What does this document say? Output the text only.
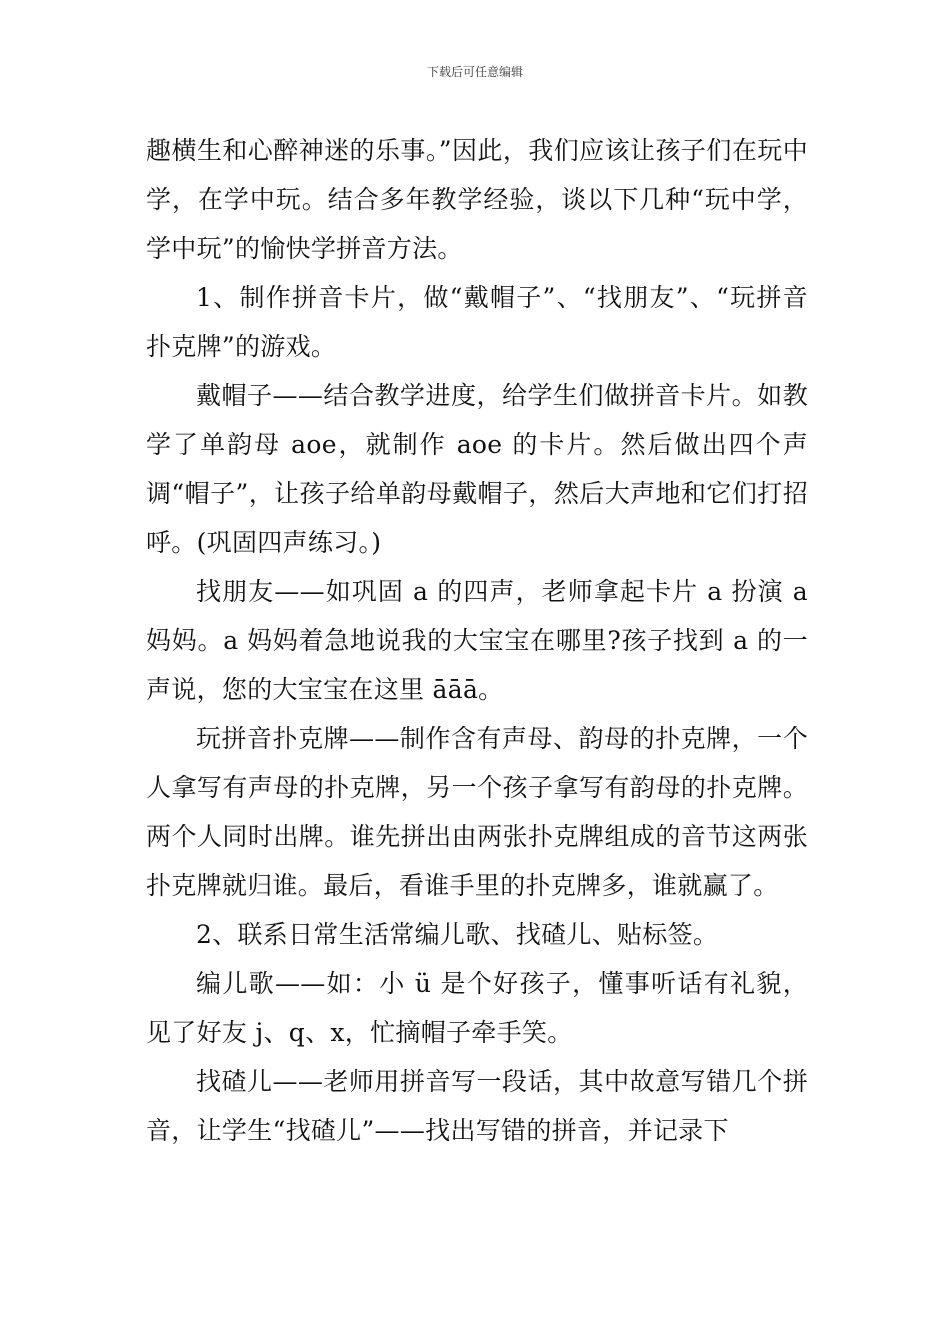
下载后可任意编辑

趣横生和心醉神迷的乐事。”因此，我们应该让孩子们在玩中学，在学中玩。结合多年教学经验，谈以下几种“玩中学，学中玩”的愉快学拼音方法。

1、制作拼音卡片，做“戴帽子”、“找朋友”、“玩拼音扑克牌”的游戏。

戴帽子——结合教学进度，给学生们做拼音卡片。如教学了单韵母 aoe，就制作 aoe 的卡片。然后做出四个声调“帽子”，让孩子给单韵母戴帽子，然后大声地和它们打招呼。(巩固四声练习。)

找朋友——如巩固 a 的四声，老师拿起卡片 a 扮演 a 妈妈。a 妈妈着急地说我的大宝宝在哪里?孩子找到 a 的一声说，您的大宝宝在这里 āāā。

玩拼音扑克牌——制作含有声母、韵母的扑克牌，一个人拿写有声母的扑克牌，另一个孩子拿写有韵母的扑克牌。两个人同时出牌。谁先拼出由两张扑克牌组成的音节这两张扑克牌就归谁。最后，看谁手里的扑克牌多，谁就赢了。

2、联系日常生活常编儿歌、找碴儿、贴标签。

编儿歌——如：小 ü 是个好孩子，懂事听话有礼貌，见了好友 j、q、x，忙摘帽子牵手笑。

找碴儿——老师用拼音写一段话，其中故意写错几个拼音，让学生“找碴儿”——找出写错的拼音，并记录下
